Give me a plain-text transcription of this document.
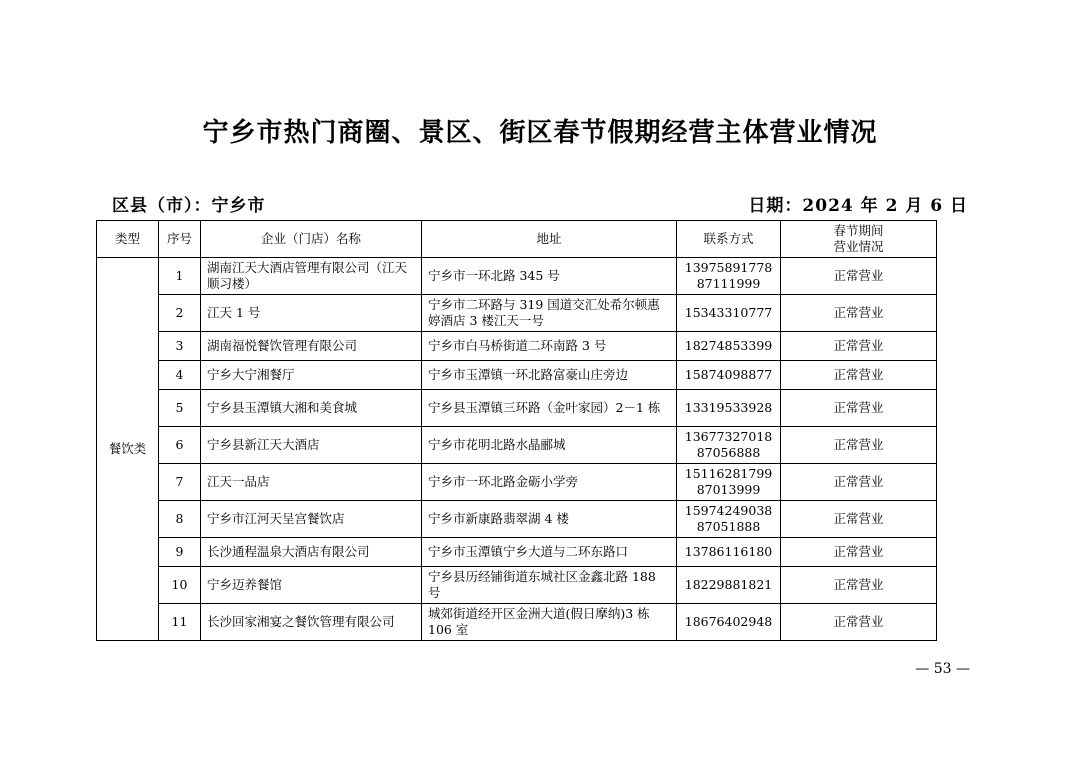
宁乡市热门商圈、景区、街区春节假期经营主体营业情况
区县（市）：宁乡市	日期：2024 年 2 月 6 日
类型	序号	企业（门店）名称	地址	联系方式	春节期间
营业情况

餐饮类	1	湖南江天大酒店管理有限公司（江天顺习楼）	宁乡市一环北路 345 号	13975891778
87111999	正常营业
	2	江天 1 号	宁乡市二环路与 319 国道交汇处希尔顿惠婷酒店 3 楼江天一号	15343310777	正常营业
	3	湖南福悦餐饮管理有限公司	宁乡市白马桥街道二环南路 3 号	18274853399	正常营业
	4	宁乡大宁湘餐厅	宁乡市玉潭镇一环北路富豪山庄旁边	15874098877	正常营业
	5	宁乡县玉潭镇大湘和美食城	宁乡县玉潭镇三环路（金叶家园）2－1 栋	13319533928	正常营业
	6	宁乡县新江天大酒店	宁乡市花明北路水晶郦城	13677327018
87056888	正常营业
	7	江天一品店	宁乡市一环北路金砺小学旁	15116281799
87013999	正常营业
	8	宁乡市江河天呈宫餐饮店	宁乡市新康路翡翠湖 4 楼	15974249038
87051888	正常营业
	9	长沙通程温泉大酒店有限公司	宁乡市玉潭镇宁乡大道与二环东路口	13786116180	正常营业
	10	宁乡迈养餐馆	宁乡县历经铺街道东城社区金鑫北路 188 号	18229881821	正常营业
	11	长沙回家湘宴之餐饮管理有限公司	城郊街道经开区金洲大道(假日摩纳)3 栋 106 室	18676402948	正常营业
— 53 —
